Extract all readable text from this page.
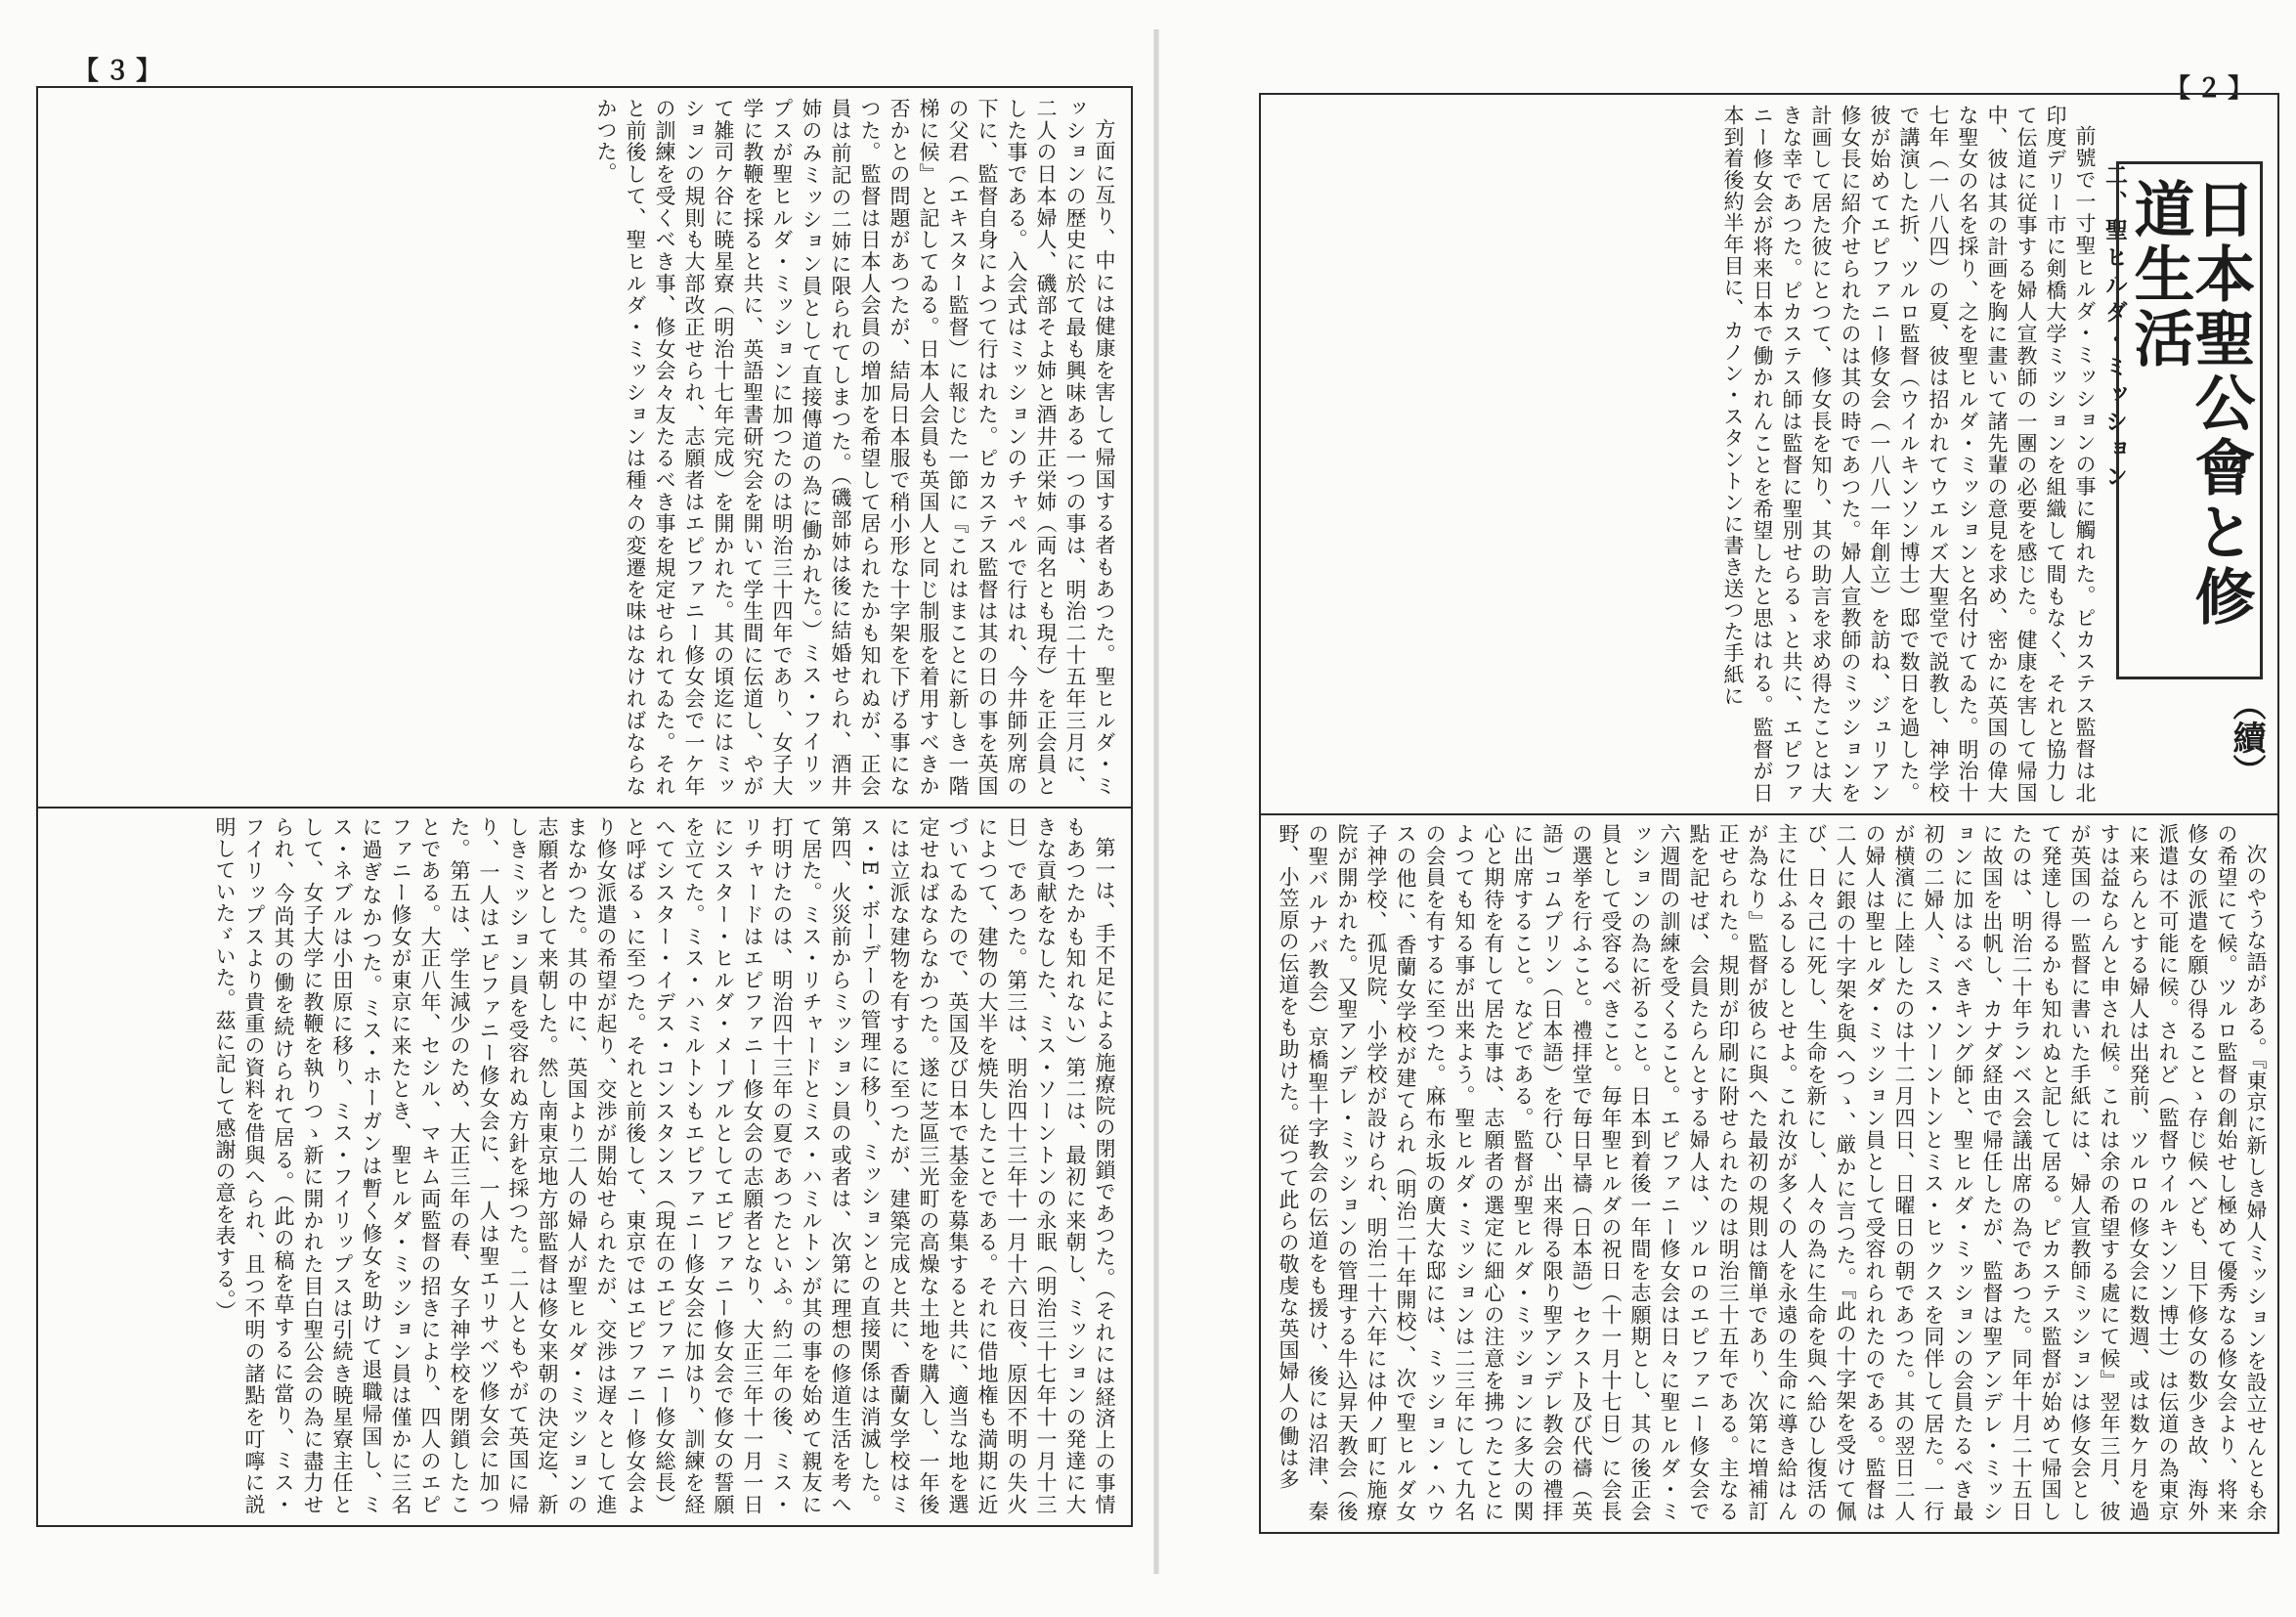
【３】

方面に亙り、中には健康を害して帰国する者もあつた。聖ヒルダ・ミッションの歴史に於て最も興味ある一つの事は、明治二十五年三月に、二人の日本婦人、磯部そよ姉と酒井正栄姉（両名とも現存）を正会員とした事である。入会式はミッションのチャペルで行はれ、今井師列席の下に、監督自身によつて行はれた。ピカステス監督は其の日の事を英国の父君（エキスター監督）に報じた一節に『これはまことに新しき一階梯に候』と記してゐる。日本人会員も英国人と同じ制服を着用すべきか否かとの問題があつたが、結局日本服で稍小形な十字架を下げる事になつた。監督は日本人会員の増加を希望して居られたかも知れぬが、正会員は前記の二姉に限られてしまつた。（磯部姉は後に結婚せられ、酒井姉のみミッション員として直接傳道の為に働かれた。）ミス・フイリップスが聖ヒルダ・ミッションに加つたのは明治三十四年であり、女子大学に教鞭を採ると共に、英語聖書研究会を開いて学生間に伝道し、やがて雑司ケ谷に暁星寮（明治十七年完成）を開かれた。其の頃迄にはミッションの規則も大部改正せられ、志願者はエピファニー修女会で一ケ年の訓練を受くべき事、修女会々友たるべき事を規定せられてゐた。それと前後して、聖ヒルダ・ミッションは種々の変遷を味はなければならなかつた。

第一は、手不足による施療院の閉鎖であつた。（それには経済上の事情もあつたかも知れない）第二は、最初に来朝し、ミッションの発達に大きな貢献をなした、ミス・ソーントンの永眠（明治三十七年十一月十三日）であつた。第三は、明治四十三年十一月十六日夜、原因不明の失火によつて、建物の大半を焼失したことである。それに借地権も満期に近づいてゐたので、英国及び日本で基金を募集すると共に、適当な地を選定せねばならなかつた。遂に芝區三光町の高燥な土地を購入し、一年後には立派な建物を有するに至つたが、建築完成と共に、香蘭女学校はミス・E・ボーデーの管理に移り、ミッションとの直接関係は消滅した。第四、火災前からミッション員の或者は、次第に理想の修道生活を考へて居た。ミス・リチャードとミス・ハミルトンが其の事を始めて親友に打明けたのは、明治四十三年の夏であつたといふ。約二年の後、ミス・リチャードはエピファニー修女会の志願者となり、大正三年十一月一日にシスター・ヒルダ・メーブルとしてエピファニー修女会で修女の誓願を立てた。ミス・ハミルトンもエピファニー修女会に加はり、訓練を経へてシスター・イデス・コンスタンス（現在のエピファニー修女総長）と呼ばるゝに至つた。それと前後して、東京ではエピファニー修女会より修女派遣の希望が起り、交渉が開始せられたが、交渉は遅々として進まなかつた。其の中に、英国より二人の婦人が聖ヒルダ・ミッションの志願者として来朝した。然し南東京地方部監督は修女来朝の決定迄、新しきミッション員を受容れぬ方針を採つた。二人ともやがて英国に帰り、一人はエピファニー修女会に、一人は聖エリサベツ修女会に加つた。第五は、学生減少のため、大正三年の春、女子神学校を閉鎖したことである。大正八年、セシル、マキム両監督の招きにより、四人のエピファニー修女が東京に来たとき、聖ヒルダ・ミッション員は僅かに三名に過ぎなかつた。ミス・ホーガンは暫く修女を助けて退職帰国し、ミス・ネブルは小田原に移り、ミス・フイリップスは引続き暁星寮主任として、女子大学に教鞭を執りつゝ新に開かれた目白聖公会の為に盡力せられ、今尚其の働を続けられて居る。（此の稿を草するに當り、ミス・フイリップスより貴重の資料を借與へられ、且つ不明の諸點を叮嚀に説明していたゞいた。茲に記して感謝の意を表する。）

【２】
二、聖ヒルダ・ミッション

前號で一寸聖ヒルダ・ミッションの事に觸れた。ピカステス監督は北印度デリー市に剣橋大学ミッションを組織して間もなく、それと協力して伝道に従事する婦人宣教師の一團の必要を感じた。健康を害して帰国中、彼は其の計画を胸に畫いて諸先輩の意見を求め、密かに英国の偉大な聖女の名を採り、之を聖ヒルダ・ミッションと名付けてゐた。明治十七年（一八八四）の夏、彼は招かれてウエルズ大聖堂で説教し、神学校で講演した折、ツルロ監督（ウイルキンソン博士）邸で数日を過した。彼が始めてエピファニー修女会（一八八一年創立）を訪ね、ジュリアン修女長に紹介せられたのは其の時であつた。婦人宣教師のミッションを計画して居た彼にとつて、修女長を知り、其の助言を求め得たことは大きな幸であつた。ピカステス師は監督に聖別せらるゝと共に、エピファニー修女会が将来日本で働かれんことを希望したと思はれる。監督が日本到着後約半年目に、カノン・スタントンに書き送つた手紙に	日本聖公會と修道生活
（續）

次のやうな語がある。『東京に新しき婦人ミッションを設立せんとも余の希望にて候。ツルロ監督の創始せし極めて優秀なる修女会より、将来修女の派遣を願ひ得ることゝ存じ候へども、目下修女の数少き故、海外派遣は不可能に候。されど（監督ウイルキンソン博士）は伝道の為東京に来らんとする婦人は出発前、ツルロの修女会に数週、或は数ケ月を過すは益ならんと申され候。これは余の希望する處にて候』翌年三月、彼が英国の一監督に書いた手紙には、婦人宣教師ミッションは修女会として発達し得るかも知れぬと記して居る。ピカステス監督が始めて帰国したのは、明治二十年ランベス会議出席の為であつた。同年十月二十五日に故国を出帆し、カナダ経由で帰任したが、監督は聖アンデレ・ミッションに加はるべきキング師と、聖ヒルダ・ミッションの会員たるべき最初の二婦人、ミス・ソーントンとミス・ヒックスを同伴して居た。一行が横濱に上陸したのは十二月四日、日曜日の朝であつた。其の翌日二人の婦人は聖ヒルダ・ミッション員として受容れられたのである。監督は二人に銀の十字架を與へつゝ、厳かに言つた。『此の十字架を受けて佩び、日々己に死し、生命を新にし、人々の為に生命を與へ給ひし復活の主に仕ふるしるしとせよ。これ汝が多くの人を永遠の生命に導き給はんが為なり』監督が彼らに與へた最初の規則は簡単であり、次第に増補訂正せられた。規則が印刷に附せられたのは明治三十五年である。主なる點を記せば、会員たらんとする婦人は、ツルロのエピファニー修女会で六週間の訓練を受くること。エピファニー修女会は日々に聖ヒルダ・ミッションの為に祈ること。日本到着後一年間を志願期とし、其の後正会員として受容るべきこと。毎年聖ヒルダの祝日（十一月十七日）に会長の選挙を行ふこと。禮拝堂で毎日早禱（日本語）セクスト及び代禱（英語）コムプリン（日本語）を行ひ、出来得る限り聖アンデレ教会の禮拝に出席すること。などである。監督が聖ヒルダ・ミッションに多大の関心と期待を有して居た事は、志願者の選定に細心の注意を拂つたことによつても知る事が出来よう。聖ヒルダ・ミッションは二三年にして九名の会員を有するに至つた。麻布永坂の廣大な邸には、ミッション・ハウスの他に、香蘭女学校が建てられ（明治二十年開校）、次で聖ヒルダ女子神学校、孤児院、小学校が設けられ、明治二十六年には仲ノ町に施療院が開かれた。又聖アンデレ・ミッションの管理する牛込昇天教会（後の聖バルナバ教会）京橋聖十字教会の伝道をも援け、後には沼津、秦野、小笠原の伝道をも助けた。従つて此らの敬虔な英国婦人の働は多
